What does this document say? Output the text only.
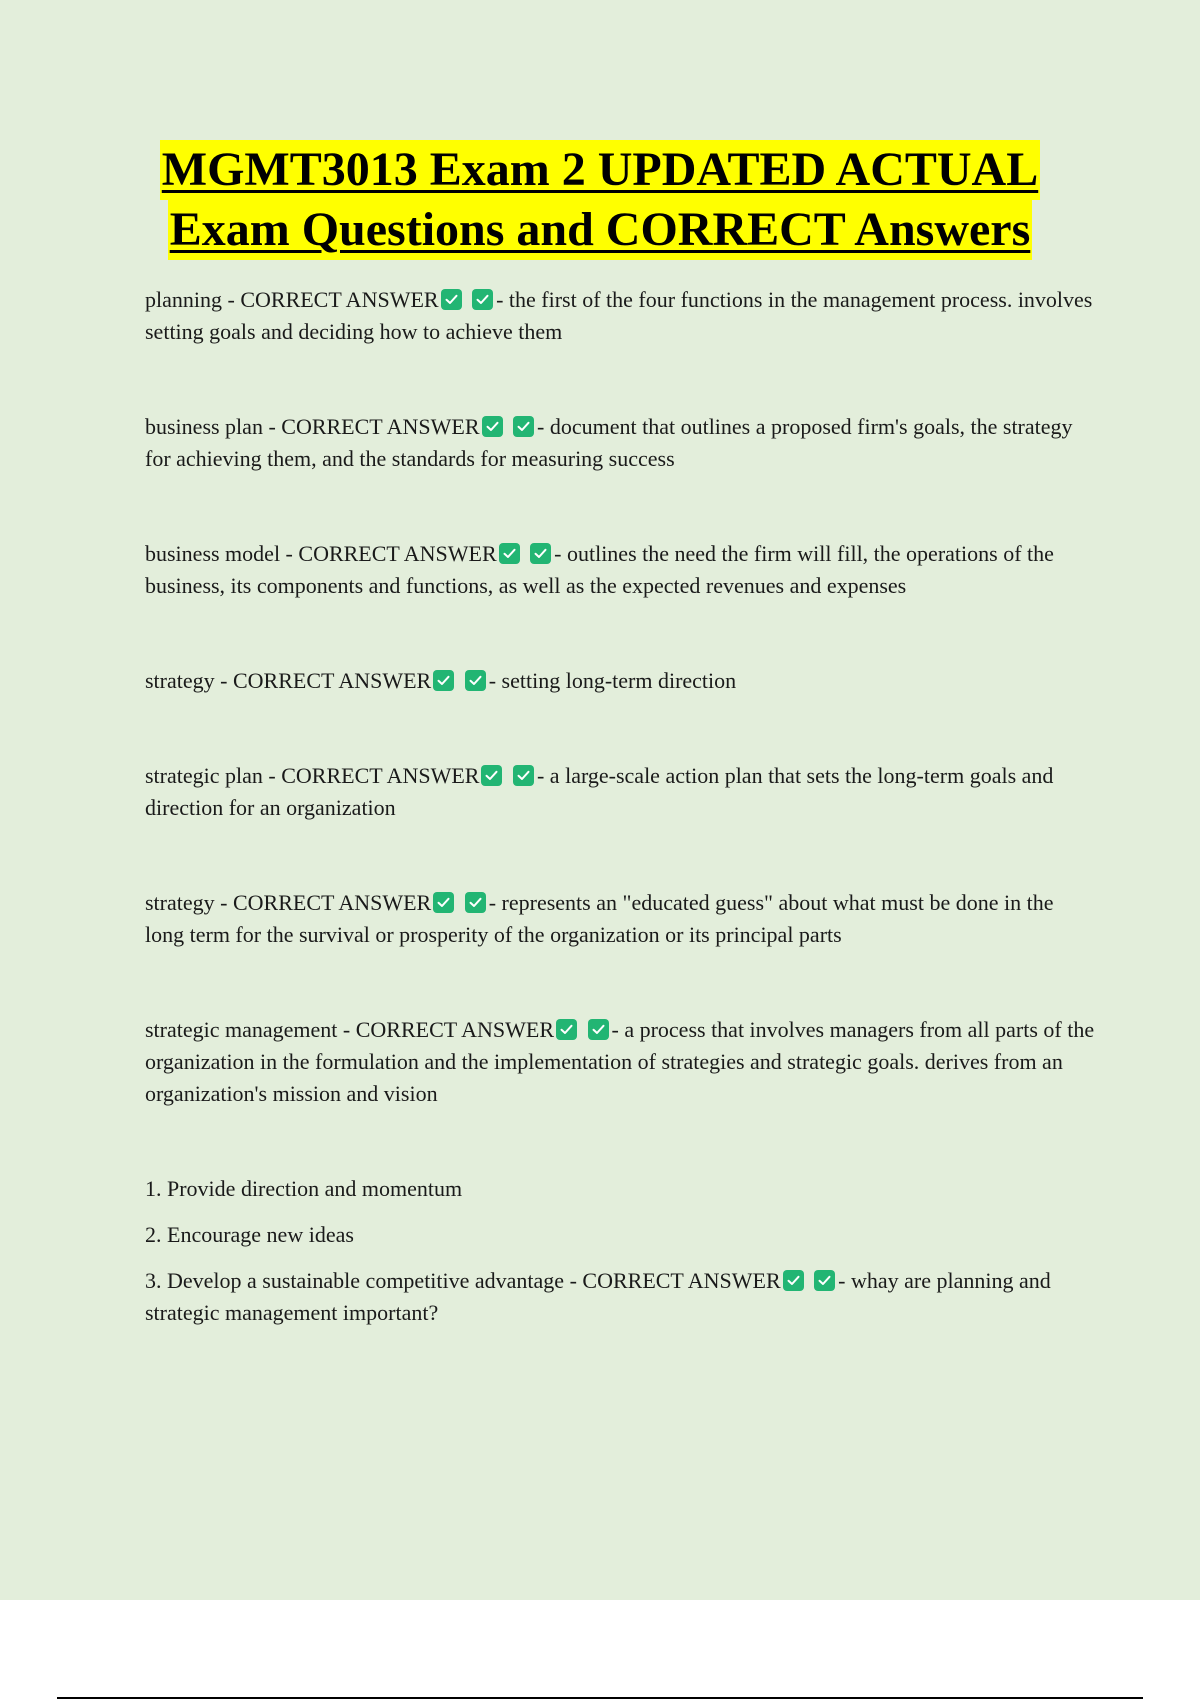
MGMT3013 Exam 2 UPDATED ACTUAL
Exam Questions and CORRECT Answers

planning - CORRECT ANSWER
	- the first of the four functions in the management process. involves setting goals and deciding how to achieve them

business plan - CORRECT ANSWER
	- document that outlines a proposed firm's goals, the strategy for achieving them, and the standards for measuring success

business model - CORRECT ANSWER
	- outlines the need the firm will fill, the operations of the business, its components and functions, as well as the expected revenues and expenses

strategy - CORRECT ANSWER
	- setting long-term direction

strategic plan - CORRECT ANSWER
	- a large-scale action plan that sets the long-term goals and direction for an organization

strategy - CORRECT ANSWER
	- represents an "educated guess" about what must be done in the long term for the survival or prosperity of the organization or its principal parts

strategic management - CORRECT ANSWER
	- a process that involves managers from all parts of the organization in the formulation and the implementation of strategies and strategic goals. derives from an organization's mission and vision

1. Provide direction and momentum

2. Encourage new ideas

3. Develop a sustainable competitive advantage - CORRECT ANSWER
	- whay are planning and strategic management important?
